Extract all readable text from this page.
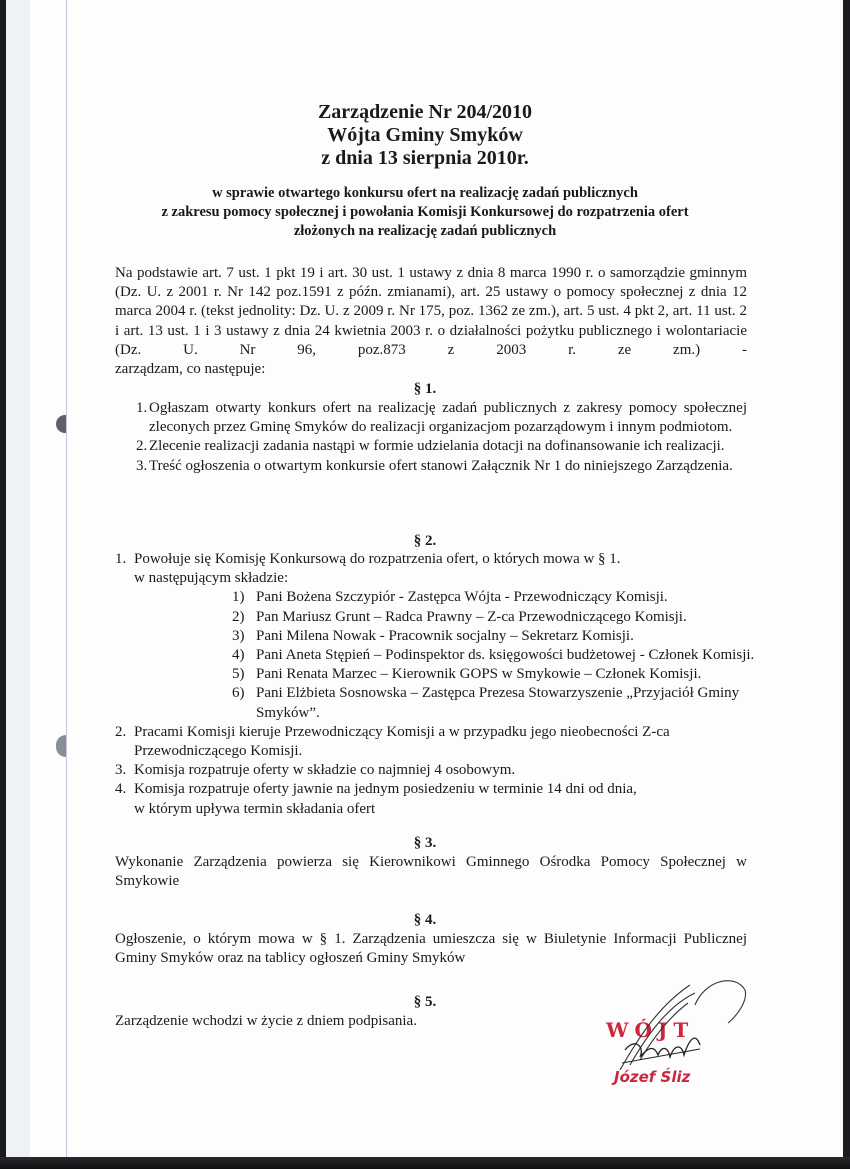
Zarządzenie Nr 204/2010
Wójta Gminy Smyków
z dnia 13 sierpnia 2010r.
w sprawie otwartego konkursu ofert na realizację zadań publicznych
z zakresu pomocy społecznej i powołania Komisji Konkursowej do rozpatrzenia ofert
złożonych na realizację zadań publicznych
Na podstawie art. 7 ust. 1 pkt 19 i art. 30 ust. 1 ustawy z dnia 8 marca 1990 r. o samorządzie gminnym (Dz. U. z 2001 r. Nr 142 poz.1591 z późn. zmianami), art. 25 ustawy o pomocy społecznej z dnia 12 marca 2004 r. (tekst jednolity: Dz. U. z 2009 r. Nr 175, poz. 1362 ze zm.), art. 5 ust. 4 pkt 2, art. 11 ust. 2 i art. 13 ust. 1 i 3 ustawy z dnia 24 kwietnia 2003 r. o działalności pożytku publicznego i wolontariacie (Dz. U. Nr 96, poz.873 z 2003 r. ze zm.) -
zarządzam, co następuje:
§ 1.
1. Ogłaszam otwarty konkurs ofert na realizację zadań publicznych z zakresy pomocy społecznej zleconych przez Gminę Smyków do realizacji organizacjom pozarządowym i innym podmiotom.
2. Zlecenie realizacji zadania nastąpi w formie udzielania dotacji na dofinansowanie ich realizacji.
3. Treść ogłoszenia o otwartym konkursie ofert stanowi Załącznik Nr 1 do niniejszego Zarządzenia.
§ 2.
1. Powołuje się Komisję Konkursową do rozpatrzenia ofert, o których mowa w § 1.
w następującym składzie:
1) Pani Bożena Szczypiór - Zastępca Wójta - Przewodniczący Komisji.
2) Pan Mariusz Grunt – Radca Prawny – Z-ca Przewodniczącego Komisji.
3) Pani Milena Nowak - Pracownik socjalny – Sekretarz Komisji.
4) Pani Aneta Stępień – Podinspektor ds. księgowości budżetowej - Członek Komisji.
5) Pani Renata Marzec – Kierownik GOPS w Smykowie – Członek Komisji.
6) Pani Elżbieta Sosnowska – Zastępca Prezesa Stowarzyszenie „Przyjaciół Gminy Smyków”.
2. Pracami Komisji kieruje Przewodniczący Komisji a w przypadku jego nieobecności Z-ca Przewodniczącego Komisji.
3. Komisja rozpatruje oferty w składzie co najmniej 4 osobowym.
4. Komisja rozpatruje oferty jawnie na jednym posiedzeniu w terminie 14 dni od dnia, w którym upływa termin składania ofert
§ 3.
Wykonanie Zarządzenia powierza się Kierownikowi Gminnego Ośrodka Pomocy Społecznej w Smykowie
§ 4.
Ogłoszenie, o którym mowa w § 1. Zarządzenia umieszcza się w Biuletynie Informacji Publicznej Gminy Smyków oraz na tablicy ogłoszeń Gminy Smyków
§ 5.
Zarządzenie wchodzi w życie z dniem podpisania.	WÓJT
Józef Śliz
